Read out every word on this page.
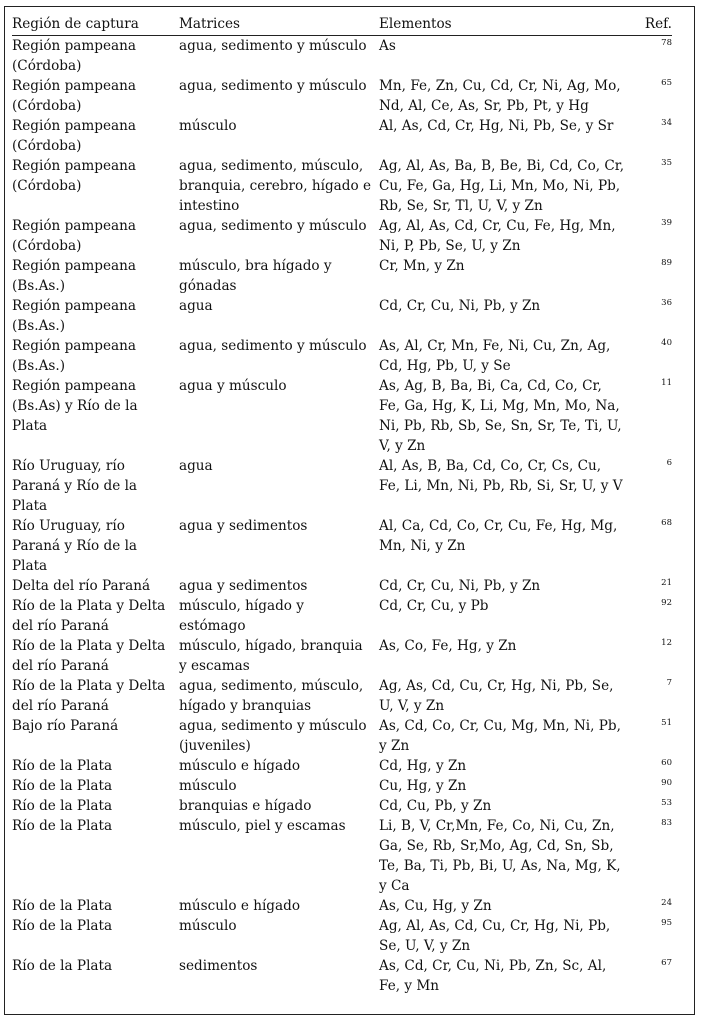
Región de captura	Matrices	Elementos	Ref.
Región pampeana (Córdoba)	agua, sedimento y músculo	As	78
Región pampeana (Córdoba)	agua, sedimento y músculo	Mn, Fe, Zn, Cu, Cd, Cr, Ni, Ag, Mo, Nd, Al, Ce, As, Sr, Pb, Pt, y Hg	65
Región pampeana (Córdoba)	músculo	Al, As, Cd, Cr, Hg, Ni, Pb, Se, y Sr	34
Región pampeana (Córdoba)	agua, sedimento, músculo, branquia, cerebro, hígado e intestino	Ag, Al, As, Ba, B, Be, Bi, Cd, Co, Cr, Cu, Fe, Ga, Hg, Li, Mn, Mo, Ni, Pb, Rb, Se, Sr, Tl, U, V, y Zn	35
Región pampeana (Córdoba)	agua, sedimento y músculo	Ag, Al, As, Cd, Cr, Cu, Fe, Hg, Mn, Ni, P, Pb, Se, U, y Zn	39
Región pampeana (Bs.As.)	músculo, bra hígado y gónadas	Cr, Mn, y Zn	89
Región pampeana (Bs.As.)	agua	Cd, Cr, Cu, Ni, Pb, y Zn	36
Región pampeana (Bs.As.)	agua, sedimento y músculo	As, Al, Cr, Mn, Fe, Ni, Cu, Zn, Ag, Cd, Hg, Pb, U, y Se	40
Región pampeana (Bs.As) y Río de la Plata	agua y músculo	As, Ag, B, Ba, Bi, Ca, Cd, Co, Cr, Fe, Ga, Hg, K, Li, Mg, Mn, Mo, Na, Ni, Pb, Rb, Sb, Se, Sn, Sr, Te, Ti, U, V, y Zn	11
Río Uruguay, río Paraná y Río de la Plata	agua	Al, As, B, Ba, Cd, Co, Cr, Cs, Cu, Fe, Li, Mn, Ni, Pb, Rb, Si, Sr, U, y V	6
Río Uruguay, río Paraná y Río de la Plata	agua y sedimentos	Al, Ca, Cd, Co, Cr, Cu, Fe, Hg, Mg, Mn, Ni, y Zn	68
Delta del río Paraná	agua y sedimentos	Cd, Cr, Cu, Ni, Pb, y Zn	21
Río de la Plata y Delta del río Paraná	músculo, hígado y estómago	Cd, Cr, Cu, y Pb	92
Río de la Plata y Delta del río Paraná	músculo, hígado, branquia y escamas	As, Co, Fe, Hg, y Zn	12
Río de la Plata y Delta del río Paraná	agua, sedimento, músculo, hígado y branquias	Ag, As, Cd, Cu, Cr, Hg, Ni, Pb, Se, U, V, y Zn	7
Bajo río Paraná	agua, sedimento y músculo (juveniles)	As, Cd, Co, Cr, Cu, Mg, Mn, Ni, Pb, y Zn	51
Río de la Plata	músculo e hígado	Cd, Hg, y Zn	60
Río de la Plata	músculo	Cu, Hg, y Zn	90
Río de la Plata	branquias e hígado	Cd, Cu, Pb, y Zn	53
Río de la Plata	músculo, piel y escamas	Li, B, V, Cr,Mn, Fe, Co, Ni, Cu, Zn, Ga, Se, Rb, Sr,Mo, Ag, Cd, Sn, Sb, Te, Ba, Ti, Pb, Bi, U, As, Na, Mg, K, y Ca	83
Río de la Plata	músculo e hígado	As, Cu, Hg, y Zn	24
Río de la Plata	músculo	Ag, Al, As, Cd, Cu, Cr, Hg, Ni, Pb, Se, U, V, y Zn	95
Río de la Plata	sedimentos	As, Cd, Cr, Cu, Ni, Pb, Zn, Sc, Al, Fe, y Mn	67
